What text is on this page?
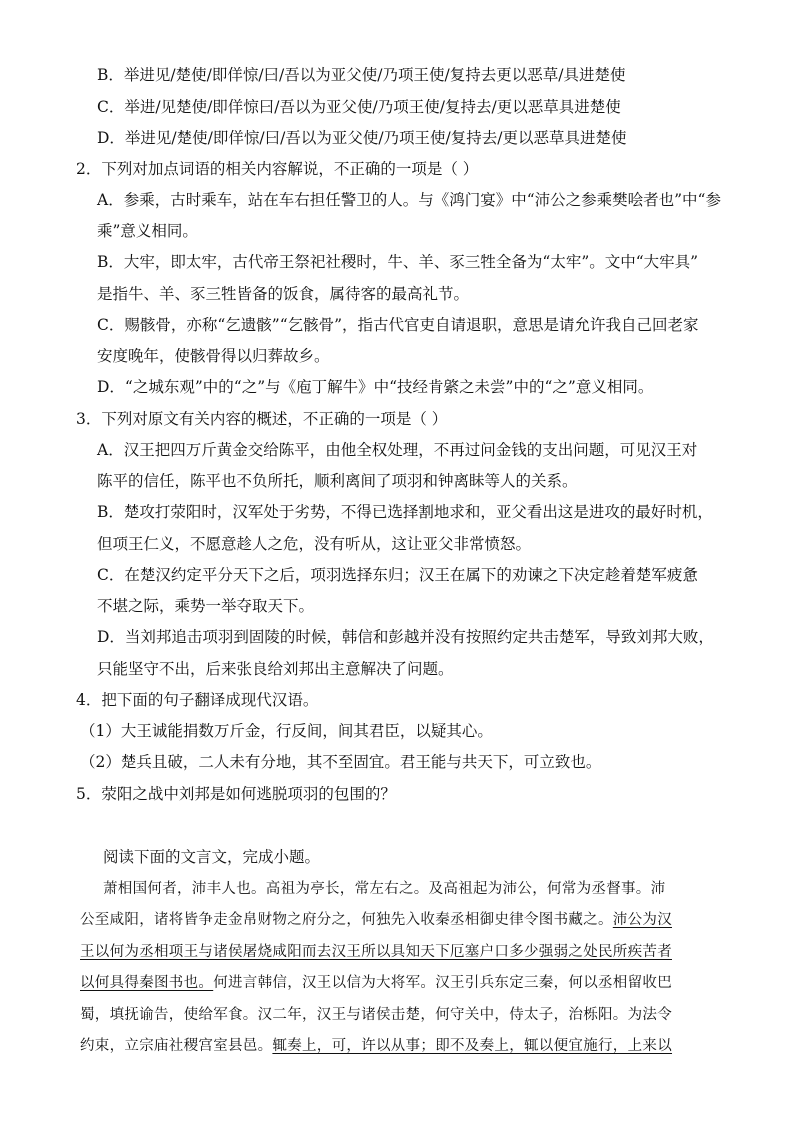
B．举进见/楚使/即佯惊/曰/吾以为亚父使/乃项王使/复持去更以恶草/具进楚使
C．举进/见楚使/即佯惊曰/吾以为亚父使/乃项王使/复持去/更以恶草具进楚使
D．举进见/楚使/即佯惊/曰/吾以为亚父使/乃项王使/复持去/更以恶草具进楚使
2．下列对加点词语的相关内容解说，不正确的一项是（ ）
A．参乘，古时乘车，站在车右担任警卫的人。与《鸿门宴》中“沛公之参乘樊哙者也”中“参
乘”意义相同。
B．大牢，即太牢，古代帝王祭祀社稷时，牛、羊、豕三牲全备为“太牢”。文中“大牢具”
是指牛、羊、豕三牲皆备的饭食，属待客的最高礼节。
C．赐骸骨，亦称“乞遗骸”“乞骸骨”，指古代官吏自请退职，意思是请允许我自己回老家
安度晚年，使骸骨得以归葬故乡。
D．“之城东观”中的“之”与《庖丁解牛》中“技经肯綮之未尝”中的“之”意义相同。
3．下列对原文有关内容的概述，不正确的一项是（ ）
A．汉王把四万斤黄金交给陈平，由他全权处理，不再过问金钱的支出问题，可见汉王对
陈平的信任，陈平也不负所托，顺利离间了项羽和钟离眛等人的关系。
B．楚攻打荥阳时，汉军处于劣势，不得已选择割地求和，亚父看出这是进攻的最好时机，
但项王仁义，不愿意趁人之危，没有听从，这让亚父非常愤怒。
C．在楚汉约定平分天下之后，项羽选择东归；汉王在属下的劝谏之下决定趁着楚军疲惫
不堪之际，乘势一举夺取天下。
D．当刘邦追击项羽到固陵的时候，韩信和彭越并没有按照约定共击楚军，导致刘邦大败，
只能坚守不出，后来张良给刘邦出主意解决了问题。
4．把下面的句子翻译成现代汉语。
（1）大王诚能捐数万斤金，行反间，间其君臣，以疑其心。
（2）楚兵且破，二人未有分地，其不至固宜。君王能与共天下，可立致也。
5．荥阳之战中刘邦是如何逃脱项羽的包围的？
阅读下面的文言文，完成小题。
萧相国何者，沛丰人也。高祖为亭长，常左右之。及高祖起为沛公，何常为丞督事。沛
公至咸阳，诸将皆争走金帛财物之府分之，何独先入收秦丞相御史律令图书藏之。沛公为汉
王以何为丞相项王与诸侯屠烧咸阳而去汉王所以具知天下厄塞户口多少强弱之处民所疾苦者
以何具得秦图书也。何进言韩信，汉王以信为大将军。汉王引兵东定三秦，何以丞相留收巴
蜀，填抚谕告，使给军食。汉二年，汉王与诸侯击楚，何守关中，侍太子，治栎阳。为法令
约束，立宗庙社稷宫室县邑。辄奏上，可，许以从事；即不及奏上，辄以便宜施行，上来以
